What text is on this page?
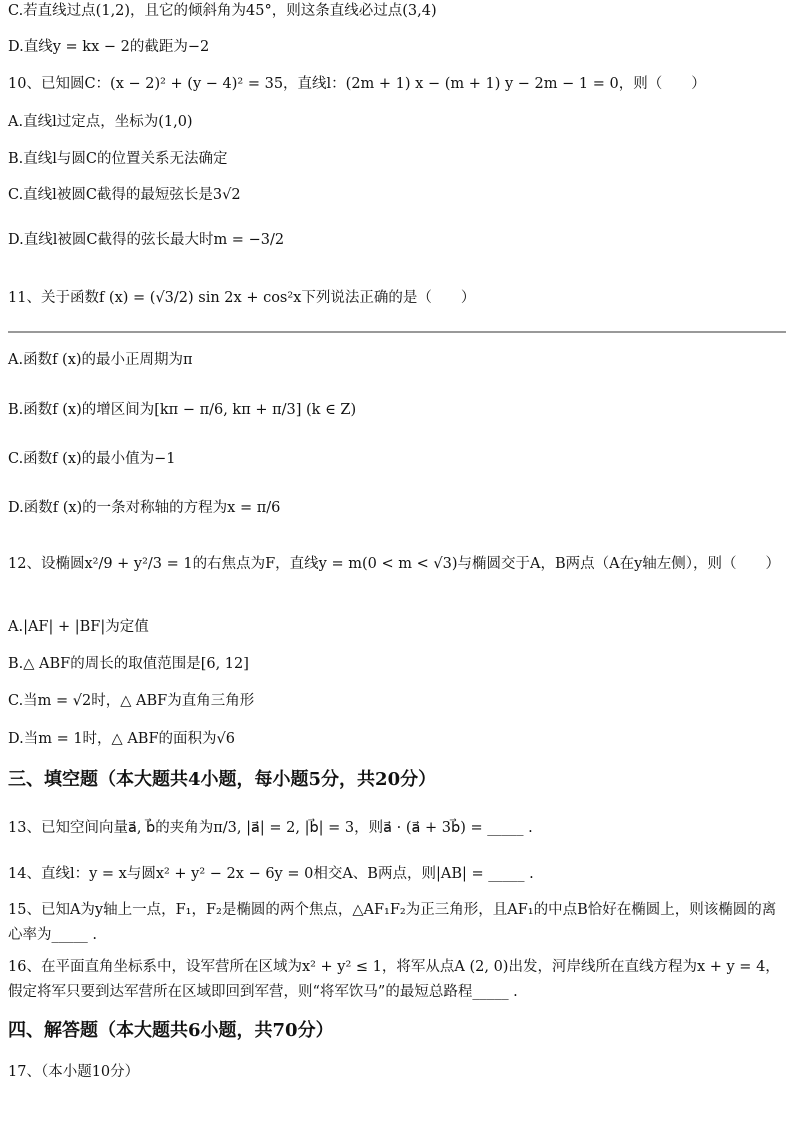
C.若直线过点(1,2)，且它的倾斜角为45°，则这条直线必过点(3,4)
D.直线y = kx − 2的截距为−2
10、已知圆C：(x − 2)² + (y − 4)² = 35，直线l：(2m + 1) x − (m + 1) y − 2m − 1 = 0，则（　　）
A.直线l过定点，坐标为(1,0)
B.直线l与圆C的位置关系无法确定
C.直线l被圆C截得的最短弦长是3√2
D.直线l被圆C截得的弦长最大时m = −3/2
11、关于函数f (x) = (√3/2) sin 2x + cos²x下列说法正确的是（　　）
A.函数f (x)的最小正周期为π
B.函数f (x)的增区间为[kπ − π/6, kπ + π/3] (k ∈ Z)
C.函数f (x)的最小值为−1
D.函数f (x)的一条对称轴的方程为x = π/6
12、设椭圆x²/9 + y²/3 = 1的右焦点为F，直线y = m(0 < m < √3)与椭圆交于A，B两点（A在y轴左侧），则（　　）
A.|AF| + |BF|为定值
B.△ ABF的周长的取值范围是[6, 12]
C.当m = √2时，△ ABF为直角三角形
D.当m = 1时，△ ABF的面积为√6
三、填空题（本大题共4小题，每小题5分，共20分）
13、已知空间向量a⃗, b⃗的夹角为π/3, |a⃗| = 2, |b⃗| = 3，则a⃗ · (a⃗ + 3b⃗) = _____ .
14、直线l：y = x与圆x² + y² − 2x − 6y = 0相交A、B两点，则|AB| = _____ .
15、已知A为y轴上一点，F₁，F₂是椭圆的两个焦点，△AF₁F₂为正三角形，且AF₁的中点B恰好在椭圆上，则该椭圆的离心率为_____ .
16、在平面直角坐标系中，设军营所在区域为x² + y² ≤ 1，将军从点A (2, 0)出发，河岸线所在直线方程为x + y = 4，假定将军只要到达军营所在区域即回到军营，则“将军饮马”的最短总路程_____ .
四、解答题（本大题共6小题，共70分）
17、（本小题10分）
